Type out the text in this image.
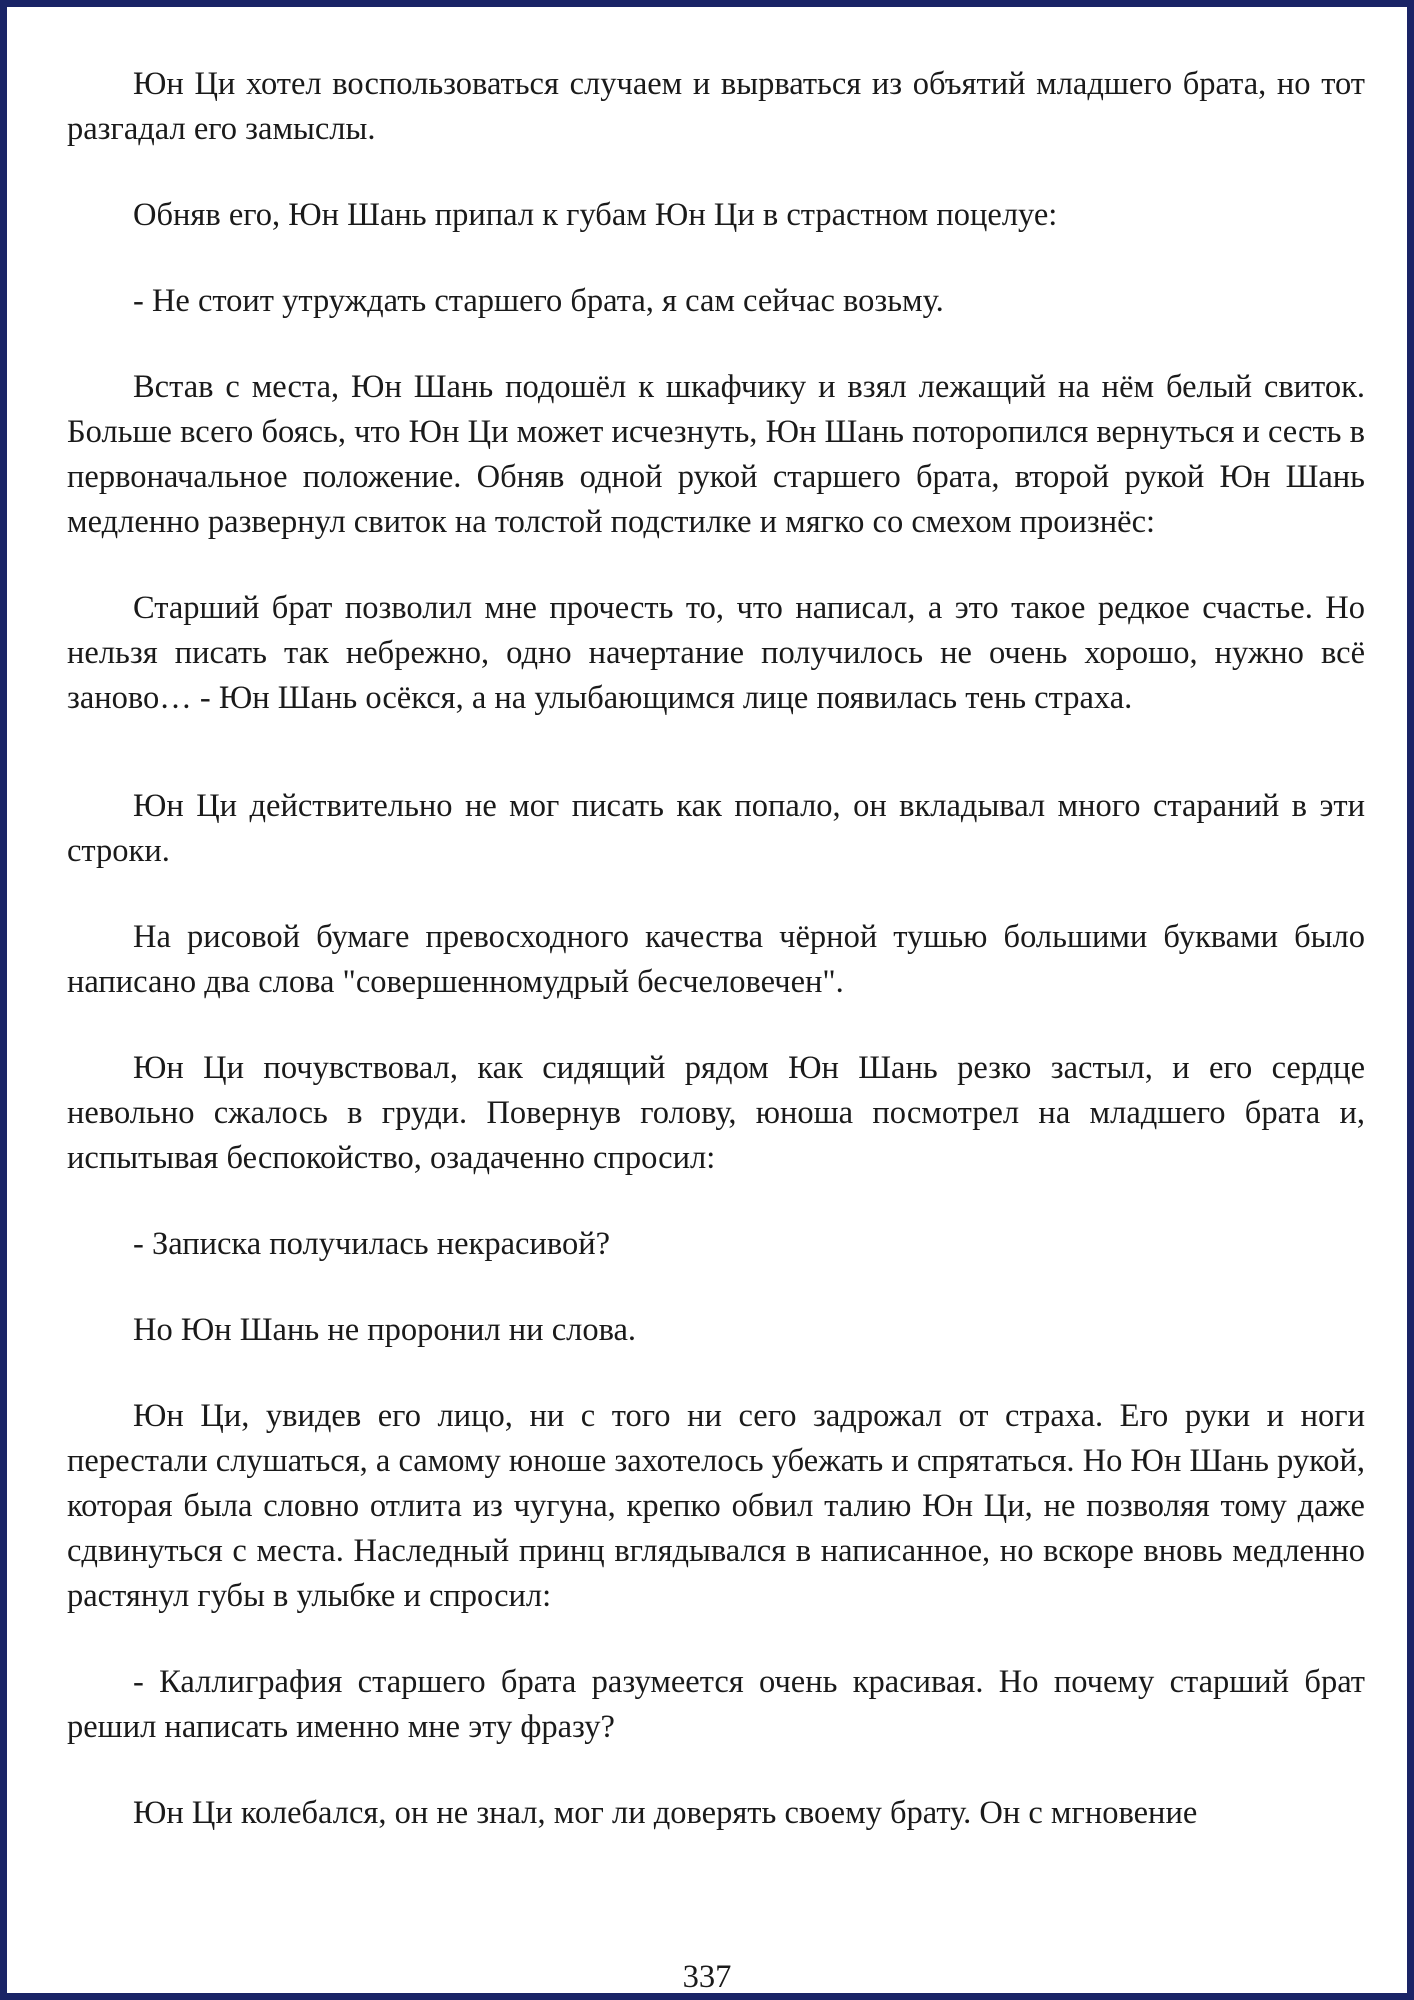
Юн Ци хотел воспользоваться случаем и вырваться из объятий младшего брата, но тот разгадал его замыслы.

Обняв его, Юн Шань припал к губам Юн Ци в страстном поцелуе:

- Не стоит утруждать старшего брата, я сам сейчас возьму.

Встав с места, Юн Шань подошёл к шкафчику и взял лежащий на нём белый свиток. Больше всего боясь, что Юн Ци может исчезнуть, Юн Шань поторопился вернуться и сесть в первоначальное положение. Обняв одной рукой старшего брата, второй рукой Юн Шань медленно развернул свиток на толстой подстилке и мягко со смехом произнёс:

Старший брат позволил мне прочесть то, что написал, а это такое редкое счастье. Но нельзя писать так небрежно, одно начертание получилось не очень хорошо, нужно всё заново… - Юн Шань осёкся, а на улыбающимся лице появилась тень страха.

Юн Ци действительно не мог писать как попало, он вкладывал много стараний в эти строки.

На рисовой бумаге превосходного качества чёрной тушью большими буквами было написано два слова "совершенномудрый бесчеловечен".

Юн Ци почувствовал, как сидящий рядом Юн Шань резко застыл, и его сердце невольно сжалось в груди. Повернув голову, юноша посмотрел на младшего брата и, испытывая беспокойство, озадаченно спросил:

- Записка получилась некрасивой?

Но Юн Шань не проронил ни слова.

Юн Ци, увидев его лицо, ни с того ни сего задрожал от страха. Его руки и ноги перестали слушаться, а самому юноше захотелось убежать и спрятаться. Но Юн Шань рукой, которая была словно отлита из чугуна, крепко обвил талию Юн Ци, не позволяя тому даже сдвинуться с места. Наследный принц вглядывался в написанное, но вскоре вновь медленно растянул губы в улыбке и спросил:

- Каллиграфия старшего брата разумеется очень красивая. Но почему старший брат решил написать именно мне эту фразу?

Юн Ци колебался, он не знал, мог ли доверять своему брату. Он с мгновение

337
